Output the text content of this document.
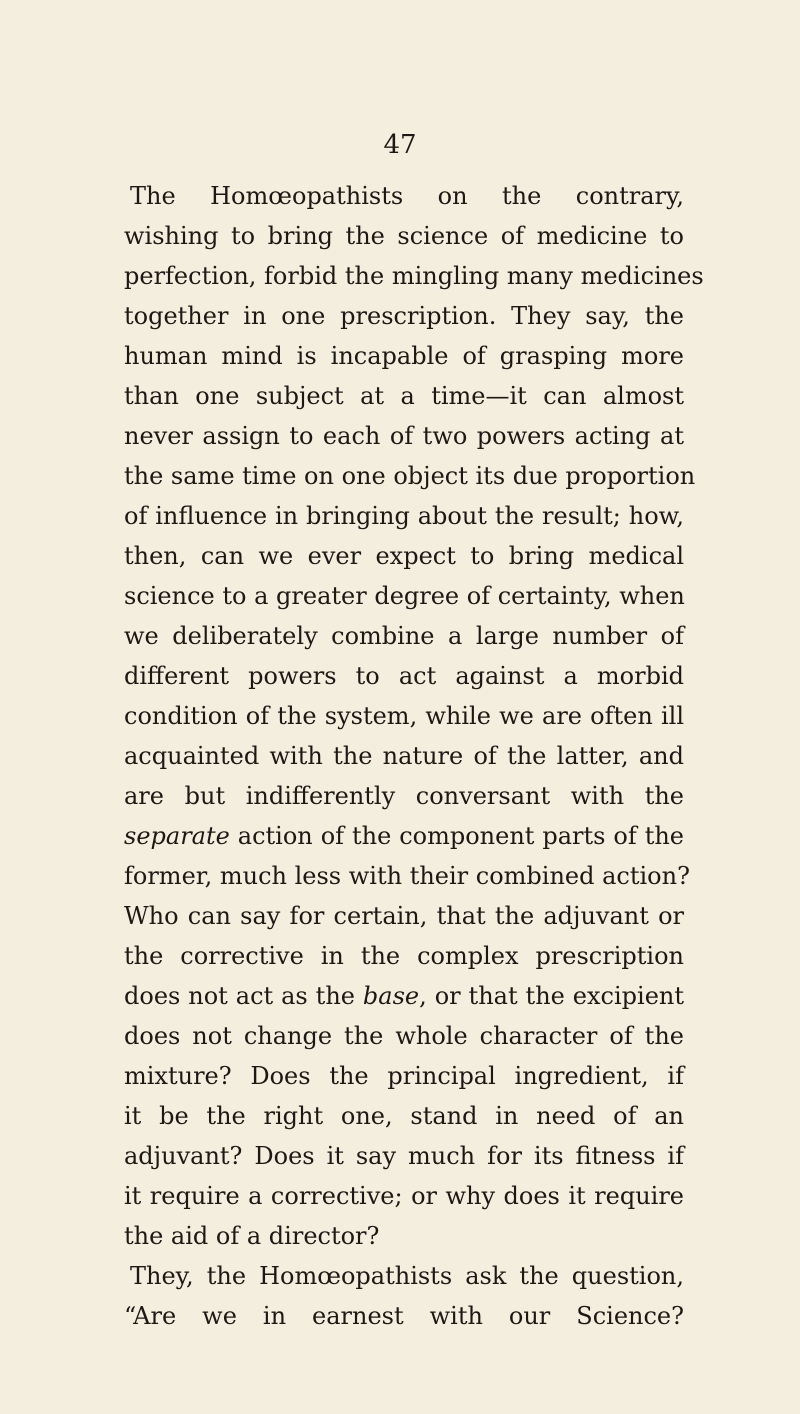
47
The Homœopathists on the contrary,
wishing to bring the science of medicine to
perfection, forbid the mingling many medicines
together in one prescription. They say, the
human mind is incapable of grasping more
than one subject at a time—it can almost
never assign to each of two powers acting at
the same time on one object its due proportion
of influence in bringing about the result; how,
then, can we ever expect to bring medical
science to a greater degree of certainty, when
we deliberately combine a large number of
different powers to act against a morbid
condition of the system, while we are often ill
acquainted with the nature of the latter, and
are but indifferently conversant with the
separate action of the component parts of the
former, much less with their combined action?
Who can say for certain, that the adjuvant or
the corrective in the complex prescription
does not act as the base, or that the excipient
does not change the whole character of the
mixture? Does the principal ingredient, if
it be the right one, stand in need of an
adjuvant? Does it say much for its fitness if
it require a corrective; or why does it require
the aid of a director?
They, the Homœopathists ask the question,
“Are we in earnest with our Science?
